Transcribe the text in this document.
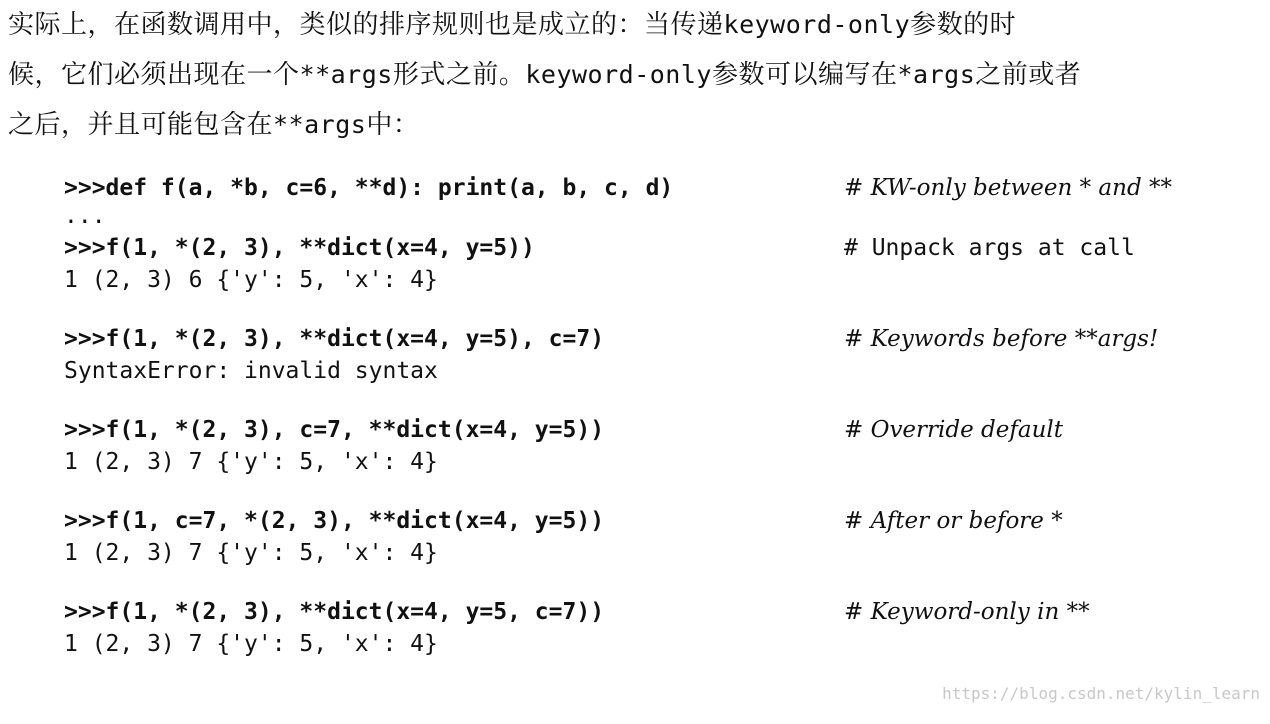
实际上，在函数调用中，类似的排序规则也是成立的：当传递keyword-only参数的时
候，它们必须出现在一个**args形式之前。keyword-only参数可以编写在*args之前或者
之后，并且可能包含在**args中：

>>>def f(a, *b, c=6, **d): print(a, b, c, d)

	# KW-only between * and **

...

>>>f(1, *(2, 3), **dict(x=4, y=5))

	# Unpack args at call

1 (2, 3) 6 {'y': 5, 'x': 4}

>>>f(1, *(2, 3), **dict(x=4, y=5), c=7)

	# Keywords before **args!

SyntaxError: invalid syntax

>>>f(1, *(2, 3), c=7, **dict(x=4, y=5))

	# Override default

1 (2, 3) 7 {'y': 5, 'x': 4}

>>>f(1, c=7, *(2, 3), **dict(x=4, y=5))

	# After or before *

1 (2, 3) 7 {'y': 5, 'x': 4}

>>>f(1, *(2, 3), **dict(x=4, y=5, c=7))

	# Keyword-only in **

1 (2, 3) 7 {'y': 5, 'x': 4}

https://blog.csdn.net/kylin_learn
